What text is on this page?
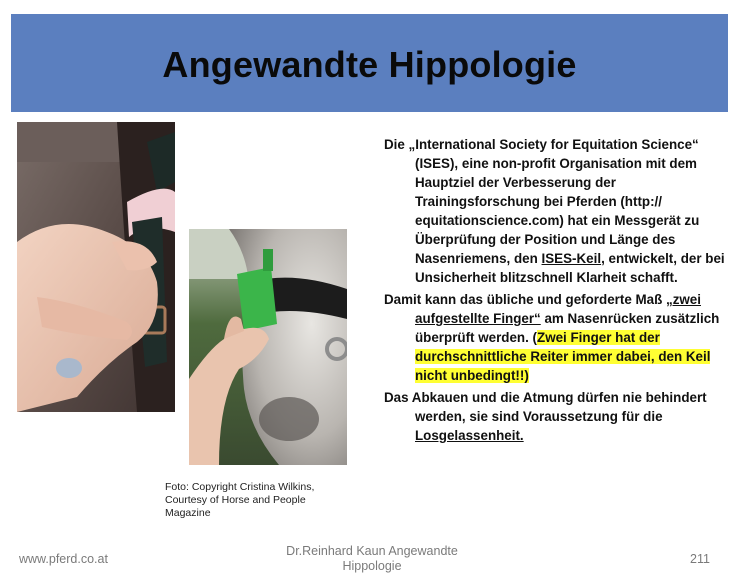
Angewandte Hippologie
Foto: Copyright Cristina Wilkins,
Courtesy of Horse and People
Magazine

Die „International Society for Equitation Science“ (ISES), eine non-profit Organisation mit dem Hauptziel der Verbesserung der Trainingsforschung bei Pferden (http:// equitationscience.com) hat ein Messgerät zu Überprüfung der Position und Länge des Nasenriemens, den ISES-Keil, entwickelt, der bei Unsicherheit blitzschnell Klarheit schafft.

Damit kann das übliche und geforderte Maß „zwei aufgestellte Finger“ am Nasenrücken zusätzlich überprüft werden. (Zwei Finger hat der durchschnittliche Reiter immer dabei, den Keil nicht unbedingt!!)

Das Abkauen und die Atmung dürfen nie behindert werden, sie sind Voraussetzung für die Losgelassenheit.

www.pferd.co.at
Dr.Reinhard Kaun Angewandte
Hippologie	211
